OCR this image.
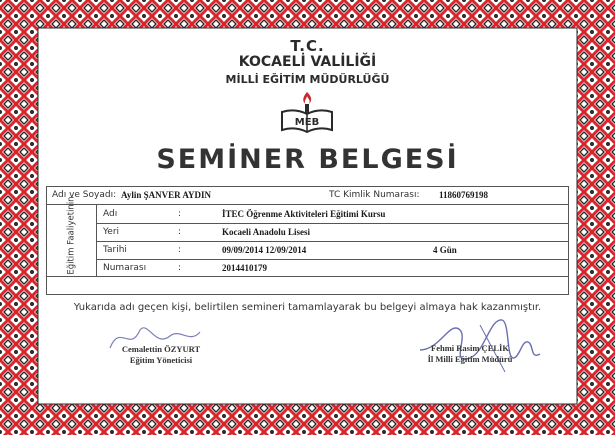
T.C.
KOCAELİ VALİLİĞİ
MİLLİ EĞİTİM MÜDÜRLÜĞÜ
MEB
SEMİNER BELGESİ
Adı ve Soyadı: Aylin ŞANVER AYDIN	TC Kimlik Numarası: 11860769198
Eğitim Faaliyetinin	Adı	:	İTEC Öğrenme Aktiviteleri Eğitimi Kursu
Yeri	:	Kocaeli Anadolu Lisesi
Tarihi	:	09/09/2014 12/09/2014	4 Gün
Numarası	:	2014410179
Yukarıda adı geçen kişi, belirtilen semineri tamamlayarak bu belgeyi almaya hak kazanmıştır.
Cemalettin ÖZYURT
Eğitim Yöneticisi
Fehmi Rasim ÇELİK
İl Milli Eğitim Müdürü
